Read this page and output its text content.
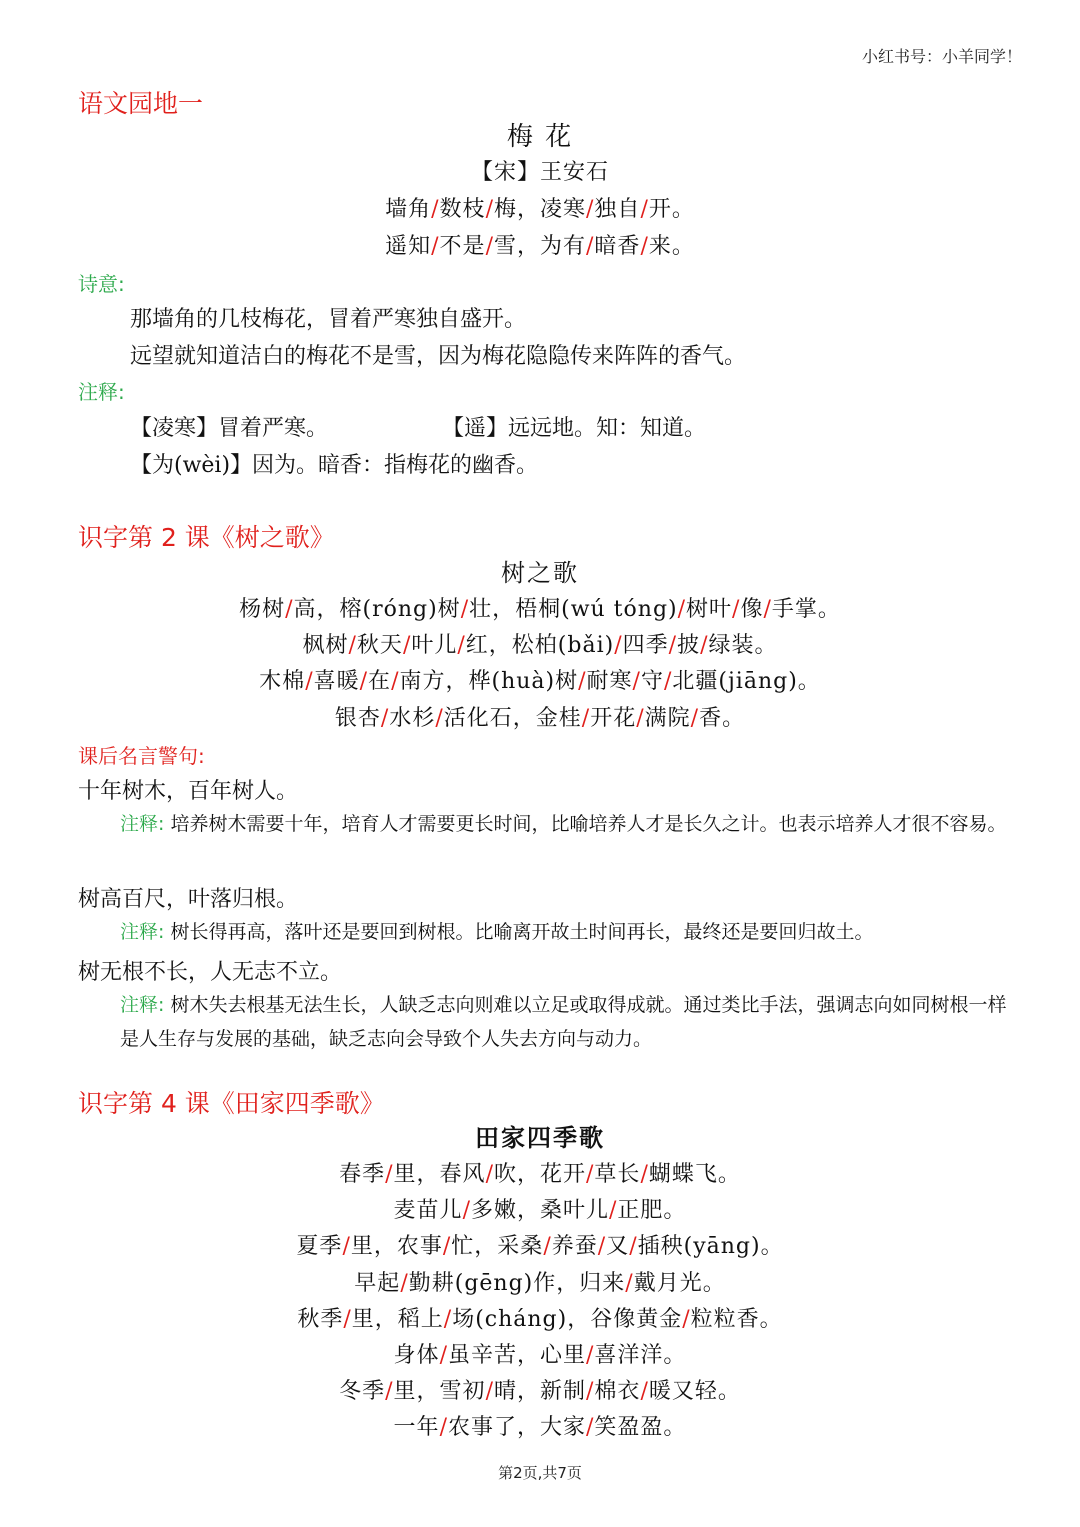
小红书号：小羊同学！
语文园地一
梅 花
【宋】王安石
墙角/数枝/梅，凌寒/独自/开。
遥知/不是/雪，为有/暗香/来。
诗意:
那墙角的几枝梅花，冒着严寒独自盛开。
远望就知道洁白的梅花不是雪，因为梅花隐隐传来阵阵的香气。
注释:
【凌寒】冒着严寒。	【遥】远远地。知：知道。
【为(wèi)】因为。暗香：指梅花的幽香。
识字第 2 课《树之歌》
树之歌
杨树/高，榕(róng)树/壮，梧桐(wú tóng)/树叶/像/手掌。
枫树/秋天/叶儿/红，松柏(bǎi)/四季/披/绿装。
木棉/喜暖/在/南方，桦(huà)树/耐寒/守/北疆(jiāng)。
银杏/水杉/活化石，金桂/开花/满院/香。
课后名言警句:
十年树木，百年树人。
注释: 培养树木需要十年，培育人才需要更长时间，比喻培养人才是长久之计。也表示培养人才很不容易。
树高百尺，叶落归根。
注释: 树长得再高，落叶还是要回到树根。比喻离开故土时间再长，最终还是要回归故土。
树无根不长，人无志不立。
注释: 树木失去根基无法生长，人缺乏志向则难以立足或取得成就。通过类比手法，强调志向如同树根一样是人生存与发展的基础，缺乏志向会导致个人失去方向与动力。
识字第 4 课《田家四季歌》
田家四季歌
春季/里，春风/吹，花开/草长/蝴蝶飞。
麦苗儿/多嫩，桑叶儿/正肥。
夏季/里，农事/忙，采桑/养蚕/又/插秧(yāng)。
早起/勤耕(gēng)作，归来/戴月光。
秋季/里，稻上/场(cháng)，谷像黄金/粒粒香。
身体/虽辛苦，心里/喜洋洋。
冬季/里，雪初/晴，新制/棉衣/暖又轻。
一年/农事了，大家/笑盈盈。
第2页,共7页
